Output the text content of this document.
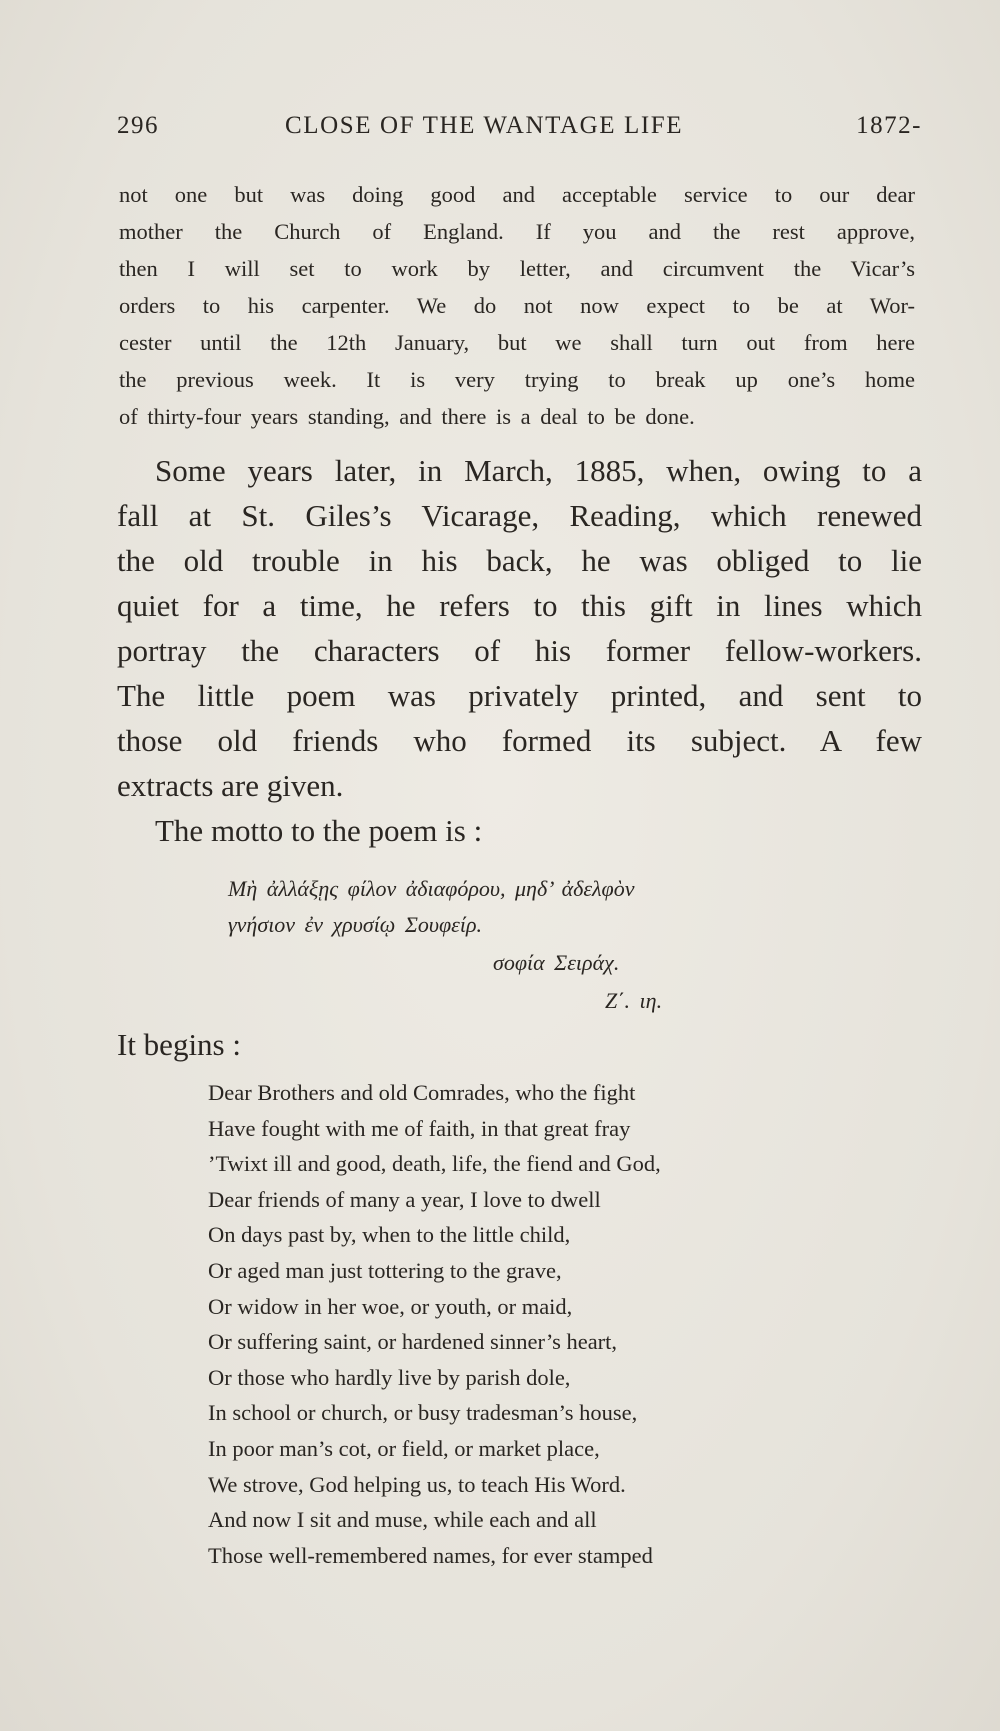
296	CLOSE OF THE WANTAGE LIFE	1872-
not one but was doing good and acceptable service to our dear
mother the Church of England. If you and the rest approve,
then I will set to work by letter, and circumvent the Vicar’s
orders to his carpenter. We do not now expect to be at Wor-
cester until the 12th January, but we shall turn out from here
the previous week. It is very trying to break up one’s home
of thirty-four years standing, and there is a deal to be done.
Some years later, in March, 1885, when, owing to a
fall at St. Giles’s Vicarage, Reading, which renewed
the old trouble in his back, he was obliged to lie
quiet for a time, he refers to this gift in lines which
portray the characters of his former fellow-workers.
The little poem was privately printed, and sent to
those old friends who formed its subject. A few
extracts are given.
The motto to the poem is :
Μὴ ἀλλάξῃς φίλον ἀδιαφόρου, μηδ’ ἀδελφὸν
γνήσιον ἐν χρυσίῳ Σουφείρ.
σοφία Σειράχ.
Ζ΄. ιη.
It begins :
Dear Brothers and old Comrades, who the fight
Have fought with me of faith, in that great fray
’Twixt ill and good, death, life, the fiend and God,
Dear friends of many a year, I love to dwell
On days past by, when to the little child,
Or aged man just tottering to the grave,
Or widow in her woe, or youth, or maid,
Or suffering saint, or hardened sinner’s heart,
Or those who hardly live by parish dole,
In school or church, or busy tradesman’s house,
In poor man’s cot, or field, or market place,
We strove, God helping us, to teach His Word.
And now I sit and muse, while each and all
Those well-remembered names, for ever stamped
